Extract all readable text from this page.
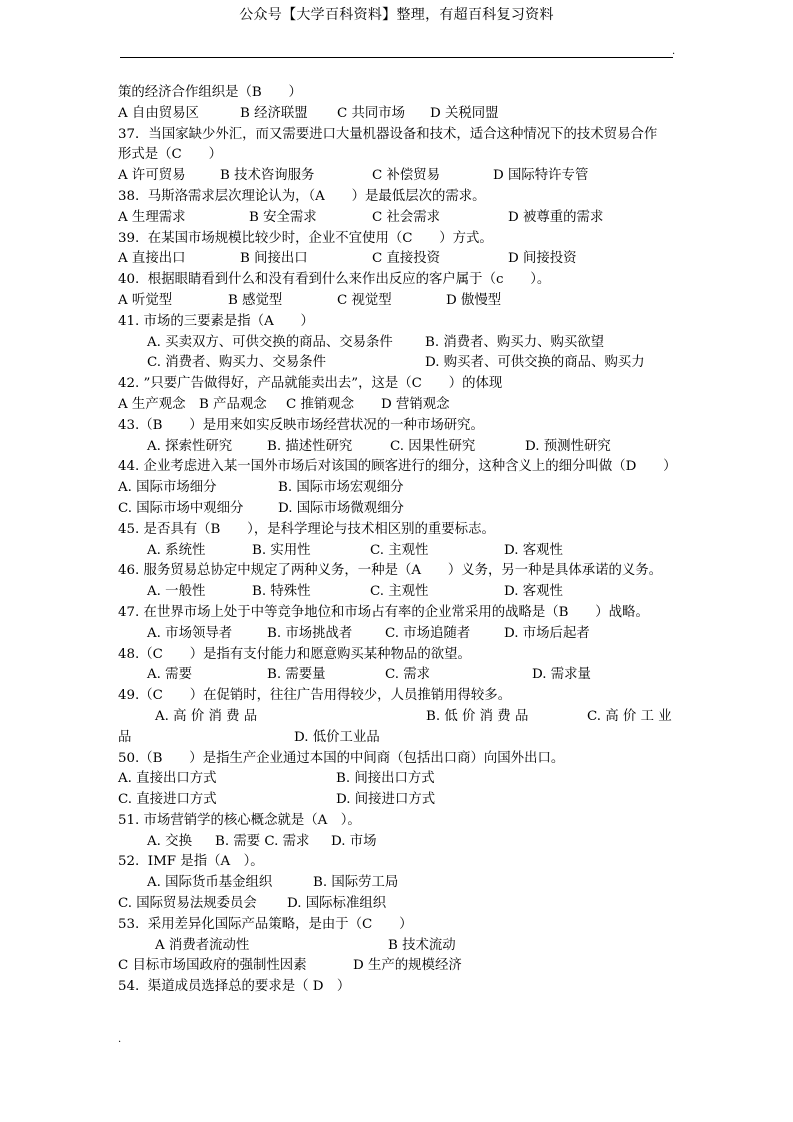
公众号【大学百科资料】整理，有超百科复习资料
.
策的经济合作组织是（B　　）
A 自由贸易区	B 经济联盟 C 共同市场 D 关税同盟
37．当国家缺少外汇，而又需要进口大量机器设备和技术，适合这种情况下的技术贸易合作
形式是（C　　）
A 许可贸易	B 技术咨询服务	C 补偿贸易	D 国际特许专管
38.  马斯洛需求层次理论认为，（A　　）是最低层次的需求。
A 生理需求	B 安全需求	C 社会需求	D 被尊重的需求
39.  在某国市场规模比较少时，企业不宜使用（C　　）方式。
A 直接出口	B 间接出口	C 直接投资	D 间接投资
40.  根据眼睛看到什么和没有看到什么来作出反应的客户属于（c　　）。
A 听觉型	B 感觉型	C 视觉型	D 傲慢型
41. 市场的三要素是指（A　　）
A. 买卖双方、可供交换的商品、交易条件 B. 消费者、购买力、购买欲望
C. 消费者、购买力、交易条件	D. 购买者、可供交换的商品、购买力
42. ”只要广告做得好，产品就能卖出去”，这是（C　　）的体现
A 生产观念 B 产品观念 C 推销观念 D 营销观念
43.（B　　）是用来如实反映市场经营状况的一种市场研究。
A. 探索性研究	B. 描述性研究	C. 因果性研究	D. 预测性研究
44. 企业考虑进入某一国外市场后对该国的顾客进行的细分，这种含义上的细分叫做（D　　）
A. 国际市场细分	B. 国际市场宏观细分
C. 国际市场中观细分	D. 国际市场微观细分
45. 是否具有（B　　），是科学理论与技术相区别的重要标志。
A. 系统性	B. 实用性	C. 主观性	D. 客观性
46. 服务贸易总协定中规定了两种义务，一种是（A　　）义务，另一种是具体承诺的义务。
A. 一般性	B. 特殊性	C. 主观性	D. 客观性
47. 在世界市场上处于中等竞争地位和市场占有率的企业常采用的战略是（B　　）战略。
A. 市场领导者	B. 市场挑战者 C. 市场追随者	D. 市场后起者
48.（C　　）是指有支付能力和愿意购买某种物品的欲望。
A. 需要	B. 需要量	C. 需求	D. 需求量
49.（C　　）在促销时，往往广告用得较少，人员推销用得较多。
A. 高 价 消 费 品	B. 低 价 消 费 品	C. 高 价 工 业
品	D. 低价工业品
50.（B　　）是指生产企业通过本国的中间商（包括出口商）向国外出口。
A. 直接出口方式	B. 间接出口方式
C. 直接进口方式	D. 间接进口方式
51. 市场营销学的核心概念就是（A　）。
A. 交换 B. 需要 C. 需求 D. 市场
52.  IMF 是指（A　）。
A. 国际货币基金组织	B. 国际劳工局
C. 国际贸易法规委员会 D. 国际标准组织
53.  采用差异化国际产品策略，是由于（C　　）
A 消费者流动性	B 技术流动
C 目标市场国政府的强制性因素	D 生产的规模经济
54.  渠道成员选择总的要求是（ D　）
.
